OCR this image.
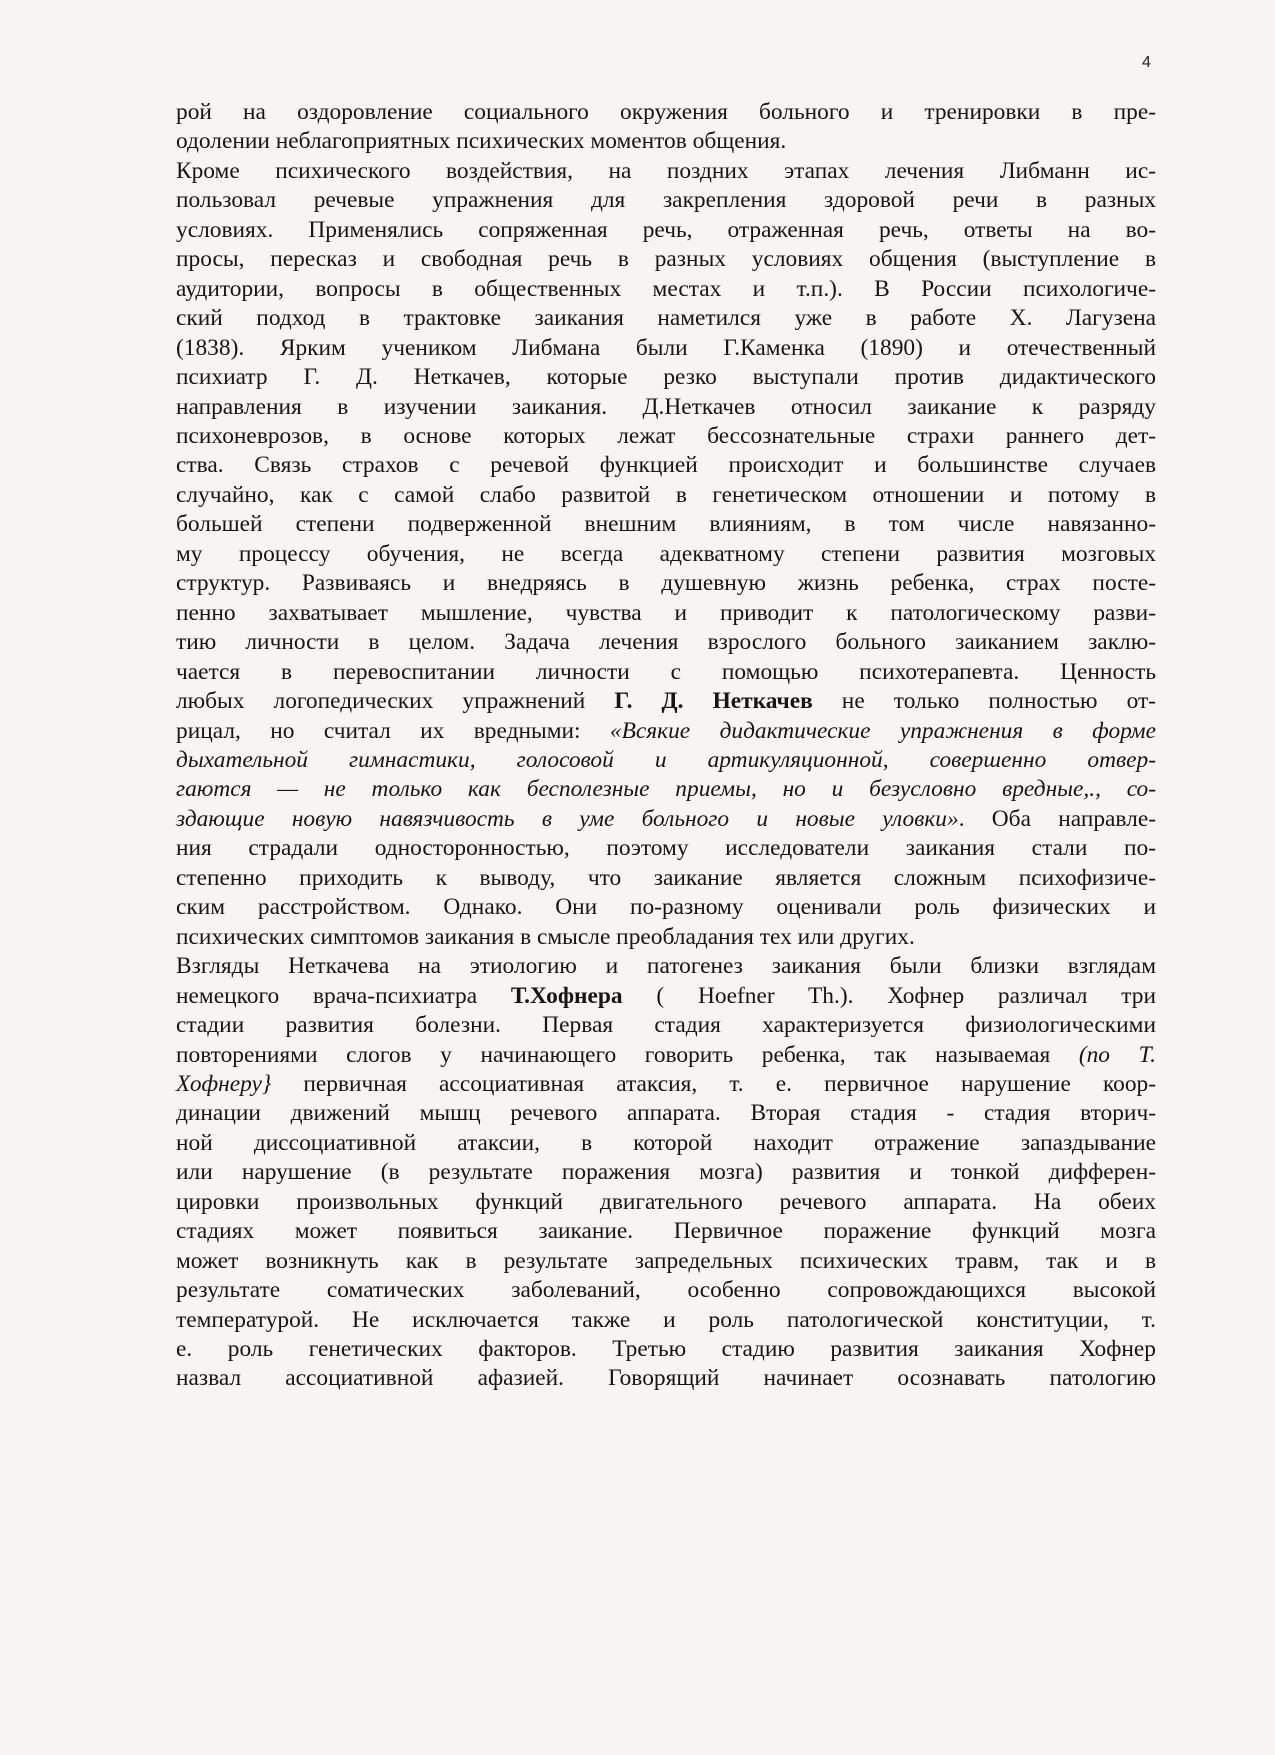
4
рой на оздоровление социального окружения больного и тренировки в пре-
одолении неблагоприятных психических моментов общения.
Кроме психического воздействия, на поздних этапах лечения Либманн ис-
пользовал речевые упражнения для закрепления здоровой речи в разных
условиях. Применялись сопряженная речь, отраженная речь, ответы на во-
просы, пересказ и свободная речь в разных условиях общения (выступление в
аудитории, вопросы в общественных местах и т.п.). В России психологиче-
ский подход в трактовке заикания наметился уже в работе Х. Лагузена
(1838). Ярким учеником Либмана были Г.Каменка (1890) и отечественный
психиатр Г. Д. Неткачев, которые резко выступали против дидактического
направления в изучении заикания. Д.Неткачев относил заикание к разряду
психоневрозов, в основе которых лежат бессознательные страхи раннего дет-
ства. Связь страхов с речевой функцией происходит и большинстве случаев
случайно, как с самой слабо развитой в генетическом отношении и потому в
большей степени подверженной внешним влияниям, в том числе навязанно-
му процессу обучения, не всегда адекватному степени развития мозговых
структур. Развиваясь и внедряясь в душевную жизнь ребенка, страх посте-
пенно захватывает мышление, чувства и приводит к патологическому разви-
тию личности в целом. Задача лечения взрослого больного заиканием заклю-
чается в перевоспитании личности с помощью психотерапевта. Ценность
любых логопедических упражнений Г. Д. Неткачев не только полностью от-
рицал, но считал их вредными: «Всякие дидактические упражнения в форме
дыхательной гимнастики, голосовой и артикуляционной, совершенно отвер-
гаются — не только как бесполезные приемы, но и безусловно вредные,., со-
здающие новую навязчивость в уме больного и новые уловки». Оба направле-
ния страдали односторонностью, поэтому исследователи заикания стали по-
степенно приходить к выводу, что заикание является сложным психофизиче-
ским расстройством. Однако. Они по-разному оценивали роль физических и
психических симптомов заикания в смысле преобладания тех или других.
Взгляды Неткачева на этиологию и патогенез заикания были близки взглядам
немецкого врача-психиатра Т.Хофнера ( Hoefner Th.). Хофнер различал три
стадии развития болезни. Первая стадия характеризуется физиологическими
повторениями слогов у начинающего говорить ребенка, так называемая (по Т.
Хофнеру} первичная ассоциативная атаксия, т. е. первичное нарушение коор-
динации движений мышц речевого аппарата. Вторая стадия - стадия вторич-
ной диссоциативной атаксии, в которой находит отражение запаздывание
или нарушение (в результате поражения мозга) развития и тонкой дифферен-
цировки произвольных функций двигательного речевого аппарата. На обеих
стадиях может появиться заикание. Первичное поражение функций мозга
может возникнуть как в результате запредельных психических травм, так и в
результате соматических заболеваний, особенно сопровождающихся высокой
температурой. Не исключается также и роль патологической конституции, т.
е. роль генетических факторов. Третью стадию развития заикания Хофнер
назвал ассоциативной афазией. Говорящий начинает осознавать патологию
